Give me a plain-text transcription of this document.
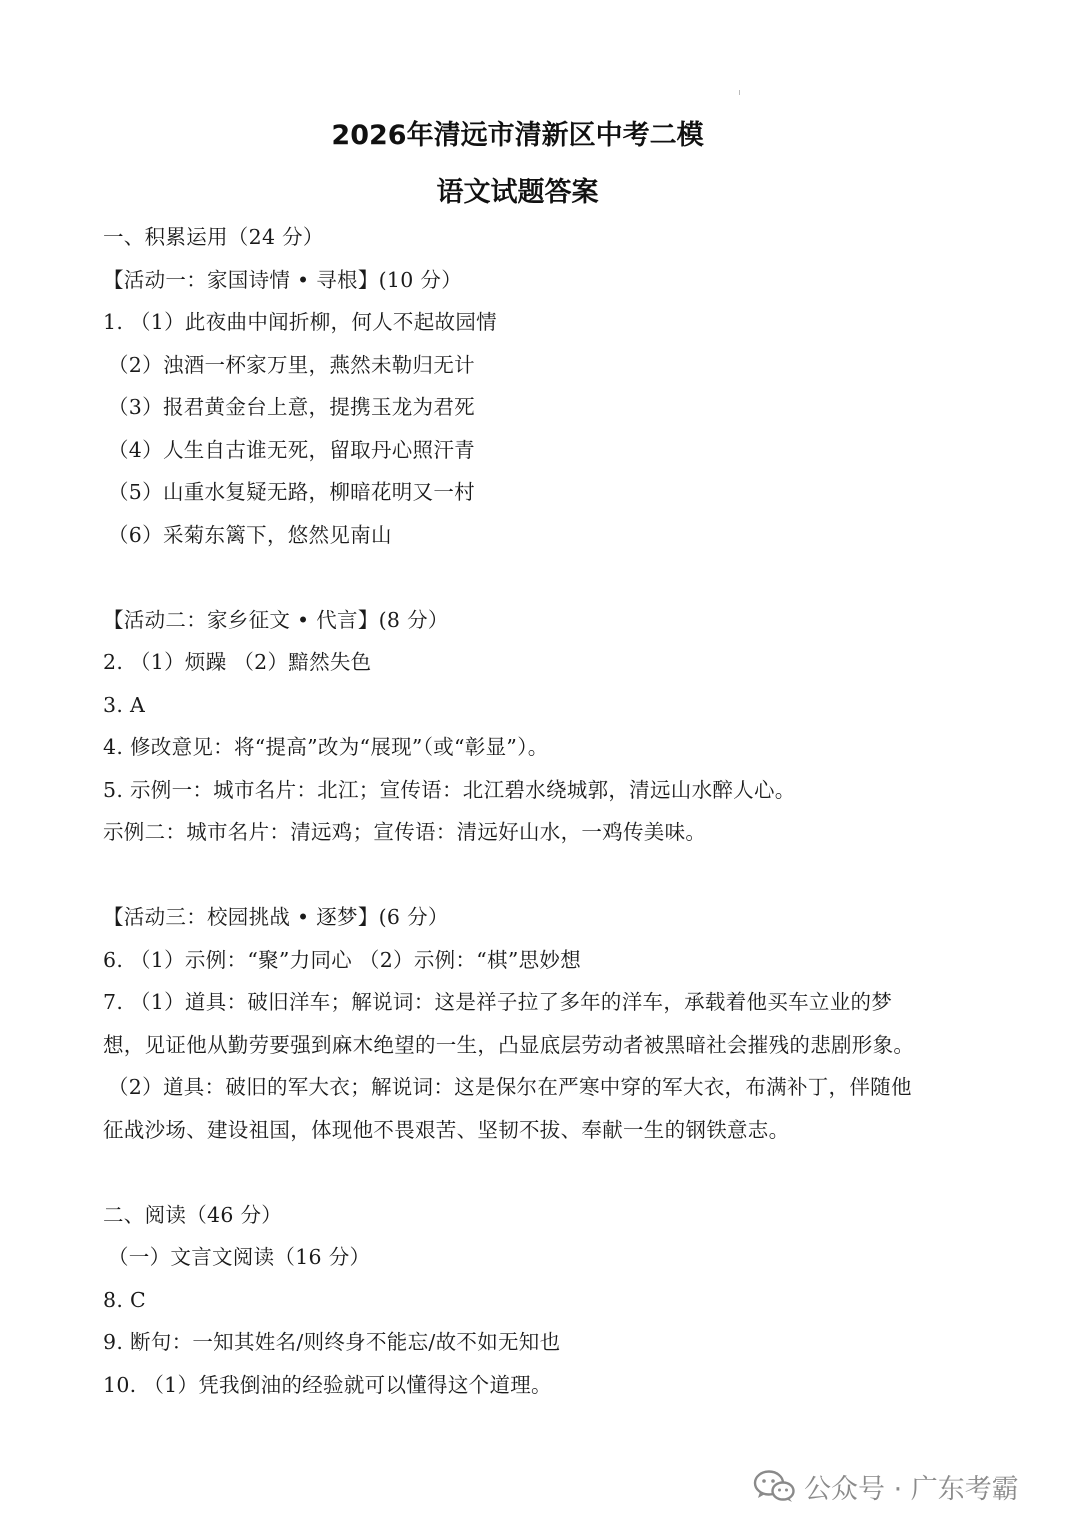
2026年清远市清新区中考二模
语文试题答案
一、积累运用（24 分）
【活动一：家国诗情 • 寻根】(10 分）
1. （1）此夜曲中闻折柳，何人不起故园情
（2）浊酒一杯家万里，燕然未勒归无计
（3）报君黄金台上意，提携玉龙为君死
（4）人生自古谁无死，留取丹心照汗青
（5）山重水复疑无路，柳暗花明又一村
（6）采菊东篱下，悠然见南山
【活动二：家乡征文 • 代言】(8 分）
2. （1）烦躁 （2）黯然失色
3. A
4. 修改意见：将“提高”改为“展现”（或“彰显”）。
5. 示例一：城市名片：北江；宣传语：北江碧水绕城郭，清远山水醉人心。
示例二：城市名片：清远鸡；宣传语：清远好山水，一鸡传美味。
【活动三：校园挑战 • 逐梦】(6 分）
6. （1）示例：“聚”力同心 （2）示例：“棋”思妙想
7. （1）道具：破旧洋车；解说词：这是祥子拉了多年的洋车，承载着他买车立业的梦
想，见证他从勤劳要强到麻木绝望的一生，凸显底层劳动者被黑暗社会摧残的悲剧形象。
（2）道具：破旧的军大衣；解说词：这是保尔在严寒中穿的军大衣，布满补丁，伴随他
征战沙场、建设祖国，体现他不畏艰苦、坚韧不拔、奉献一生的钢铁意志。
二、阅读（46 分）
（一）文言文阅读（16 分）
8. C
9. 断句：一知其姓名/则终身不能忘/故不如无知也
10. （1）凭我倒油的经验就可以懂得这个道理。
公众号 · 广东考霸
